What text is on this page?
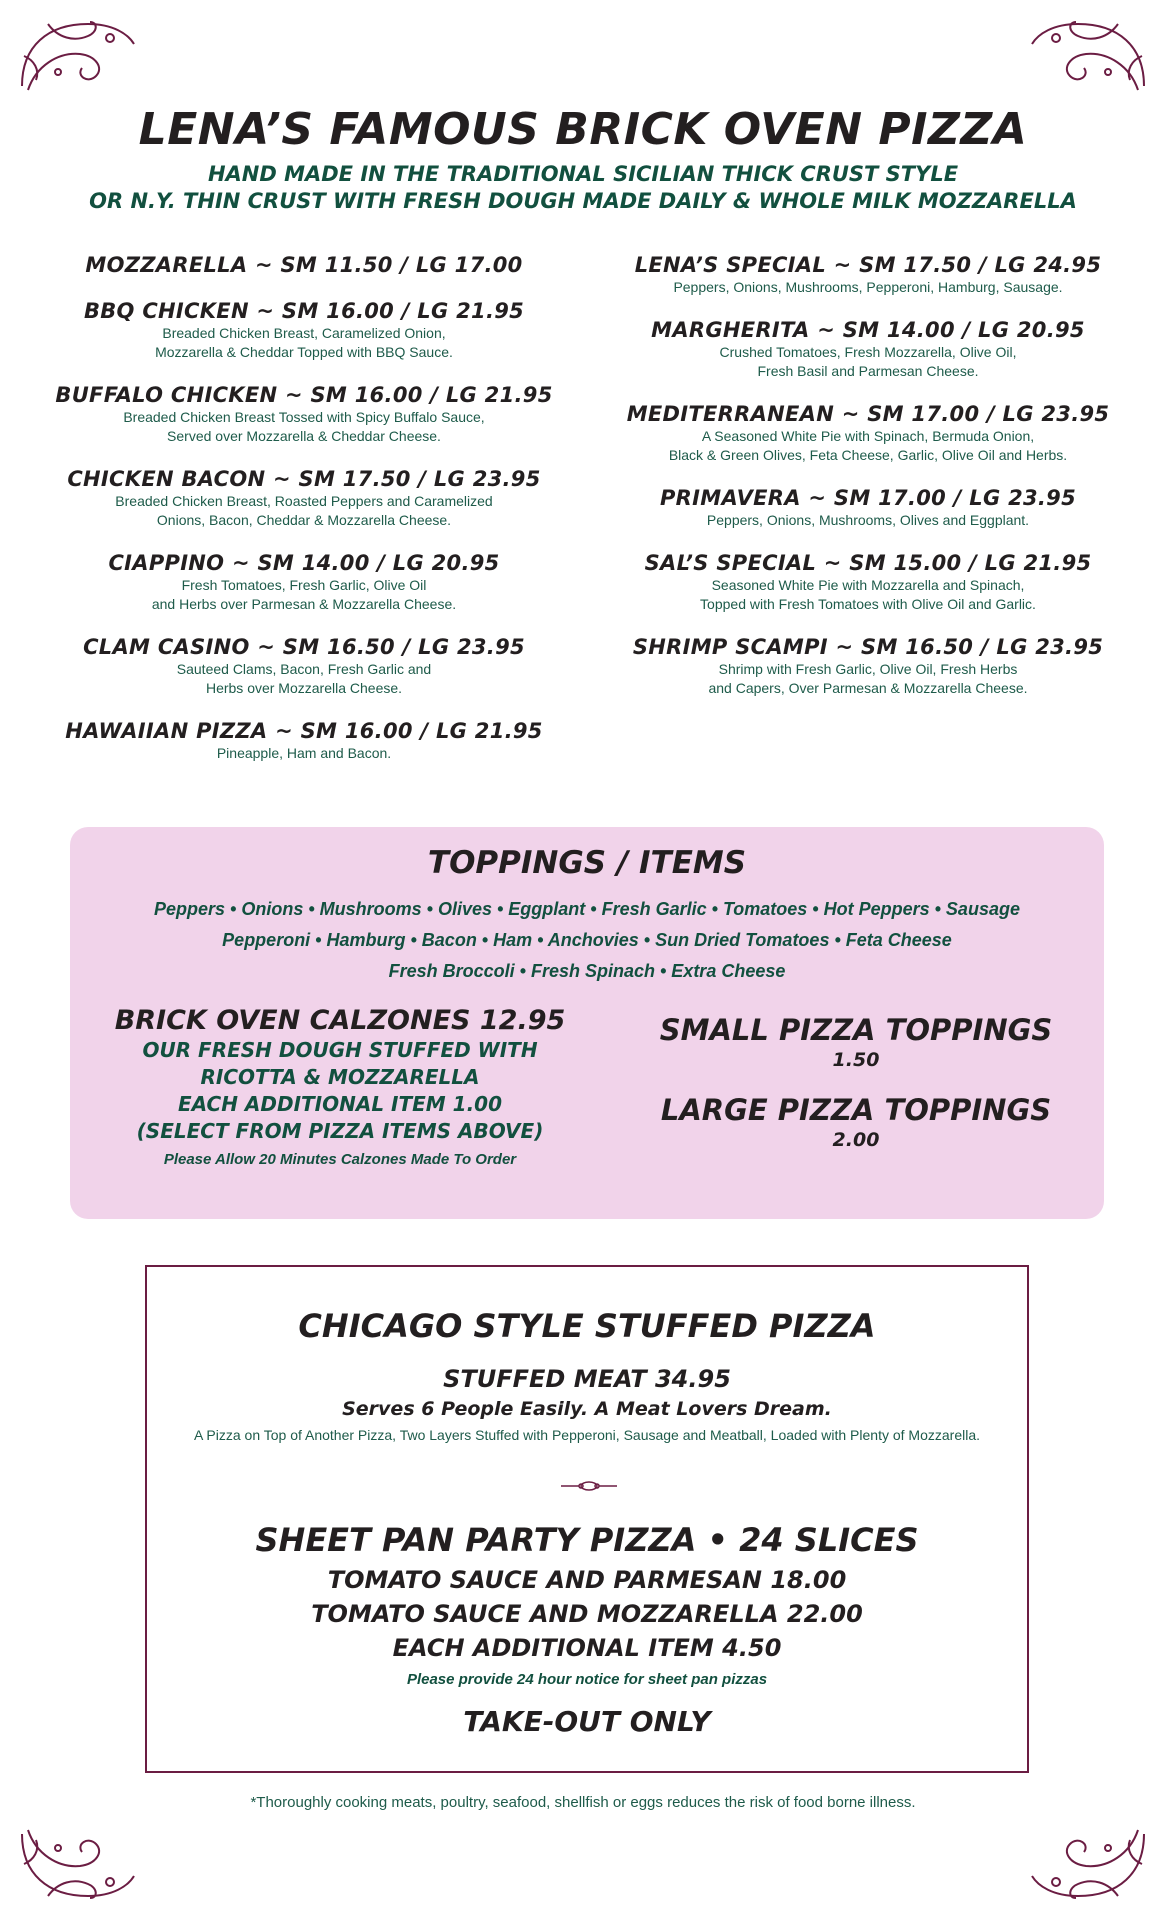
LENA’S FAMOUS BRICK OVEN PIZZA
HAND MADE IN THE TRADITIONAL SICILIAN THICK CRUST STYLE
OR N.Y. THIN CRUST WITH FRESH DOUGH MADE DAILY & WHOLE MILK MOZZARELLA
MOZZARELLA ~ SM 11.50 / LG 17.00
BBQ CHICKEN ~ SM 16.00 / LG 21.95
Breaded Chicken Breast, Caramelized Onion,
Mozzarella & Cheddar Topped with BBQ Sauce.
BUFFALO CHICKEN ~ SM 16.00 / LG 21.95
Breaded Chicken Breast Tossed with Spicy Buffalo Sauce,
Served over Mozzarella & Cheddar Cheese.
CHICKEN BACON ~ SM 17.50 / LG 23.95
Breaded Chicken Breast, Roasted Peppers and Caramelized
Onions, Bacon, Cheddar & Mozzarella Cheese.
CIAPPINO ~ SM 14.00 / LG 20.95
Fresh Tomatoes, Fresh Garlic, Olive Oil
and Herbs over Parmesan & Mozzarella Cheese.
CLAM CASINO ~ SM 16.50 / LG 23.95
Sauteed Clams, Bacon, Fresh Garlic and
Herbs over Mozzarella Cheese.
HAWAIIAN PIZZA ~ SM 16.00 / LG 21.95
Pineapple, Ham and Bacon.
LENA’S SPECIAL ~ SM 17.50 / LG 24.95
Peppers, Onions, Mushrooms, Pepperoni, Hamburg, Sausage.
MARGHERITA ~ SM 14.00 / LG 20.95
Crushed Tomatoes, Fresh Mozzarella, Olive Oil,
Fresh Basil and Parmesan Cheese.
MEDITERRANEAN ~ SM 17.00 / LG 23.95
A Seasoned White Pie with Spinach, Bermuda Onion,
Black & Green Olives, Feta Cheese, Garlic, Olive Oil and Herbs.
PRIMAVERA ~ SM 17.00 / LG 23.95
Peppers, Onions, Mushrooms, Olives and Eggplant.
SAL’S SPECIAL ~ SM 15.00 / LG 21.95
Seasoned White Pie with Mozzarella and Spinach,
Topped with Fresh Tomatoes with Olive Oil and Garlic.
SHRIMP SCAMPI ~ SM 16.50 / LG 23.95
Shrimp with Fresh Garlic, Olive Oil, Fresh Herbs
and Capers, Over Parmesan & Mozzarella Cheese.
TOPPINGS / ITEMS
Peppers • Onions • Mushrooms • Olives • Eggplant • Fresh Garlic • Tomatoes • Hot Peppers • Sausage
Pepperoni • Hamburg • Bacon • Ham • Anchovies • Sun Dried Tomatoes • Feta Cheese
Fresh Broccoli • Fresh Spinach • Extra Cheese
BRICK OVEN CALZONES 12.95
OUR FRESH DOUGH STUFFED WITH
RICOTTA & MOZZARELLA
EACH ADDITIONAL ITEM 1.00
(SELECT FROM PIZZA ITEMS ABOVE)
Please Allow 20 Minutes Calzones Made To Order
SMALL PIZZA TOPPINGS
1.50
LARGE PIZZA TOPPINGS
2.00
CHICAGO STYLE STUFFED PIZZA
STUFFED MEAT 34.95
Serves 6 People Easily. A Meat Lovers Dream.
A Pizza on Top of Another Pizza, Two Layers Stuffed with Pepperoni, Sausage and Meatball, Loaded with Plenty of Mozzarella.
SHEET PAN PARTY PIZZA • 24 SLICES
TOMATO SAUCE AND PARMESAN 18.00
TOMATO SAUCE AND MOZZARELLA 22.00
EACH ADDITIONAL ITEM 4.50
Please provide 24 hour notice for sheet pan pizzas
TAKE-OUT ONLY
*Thoroughly cooking meats, poultry, seafood, shellfish or eggs reduces the risk of food borne illness.
